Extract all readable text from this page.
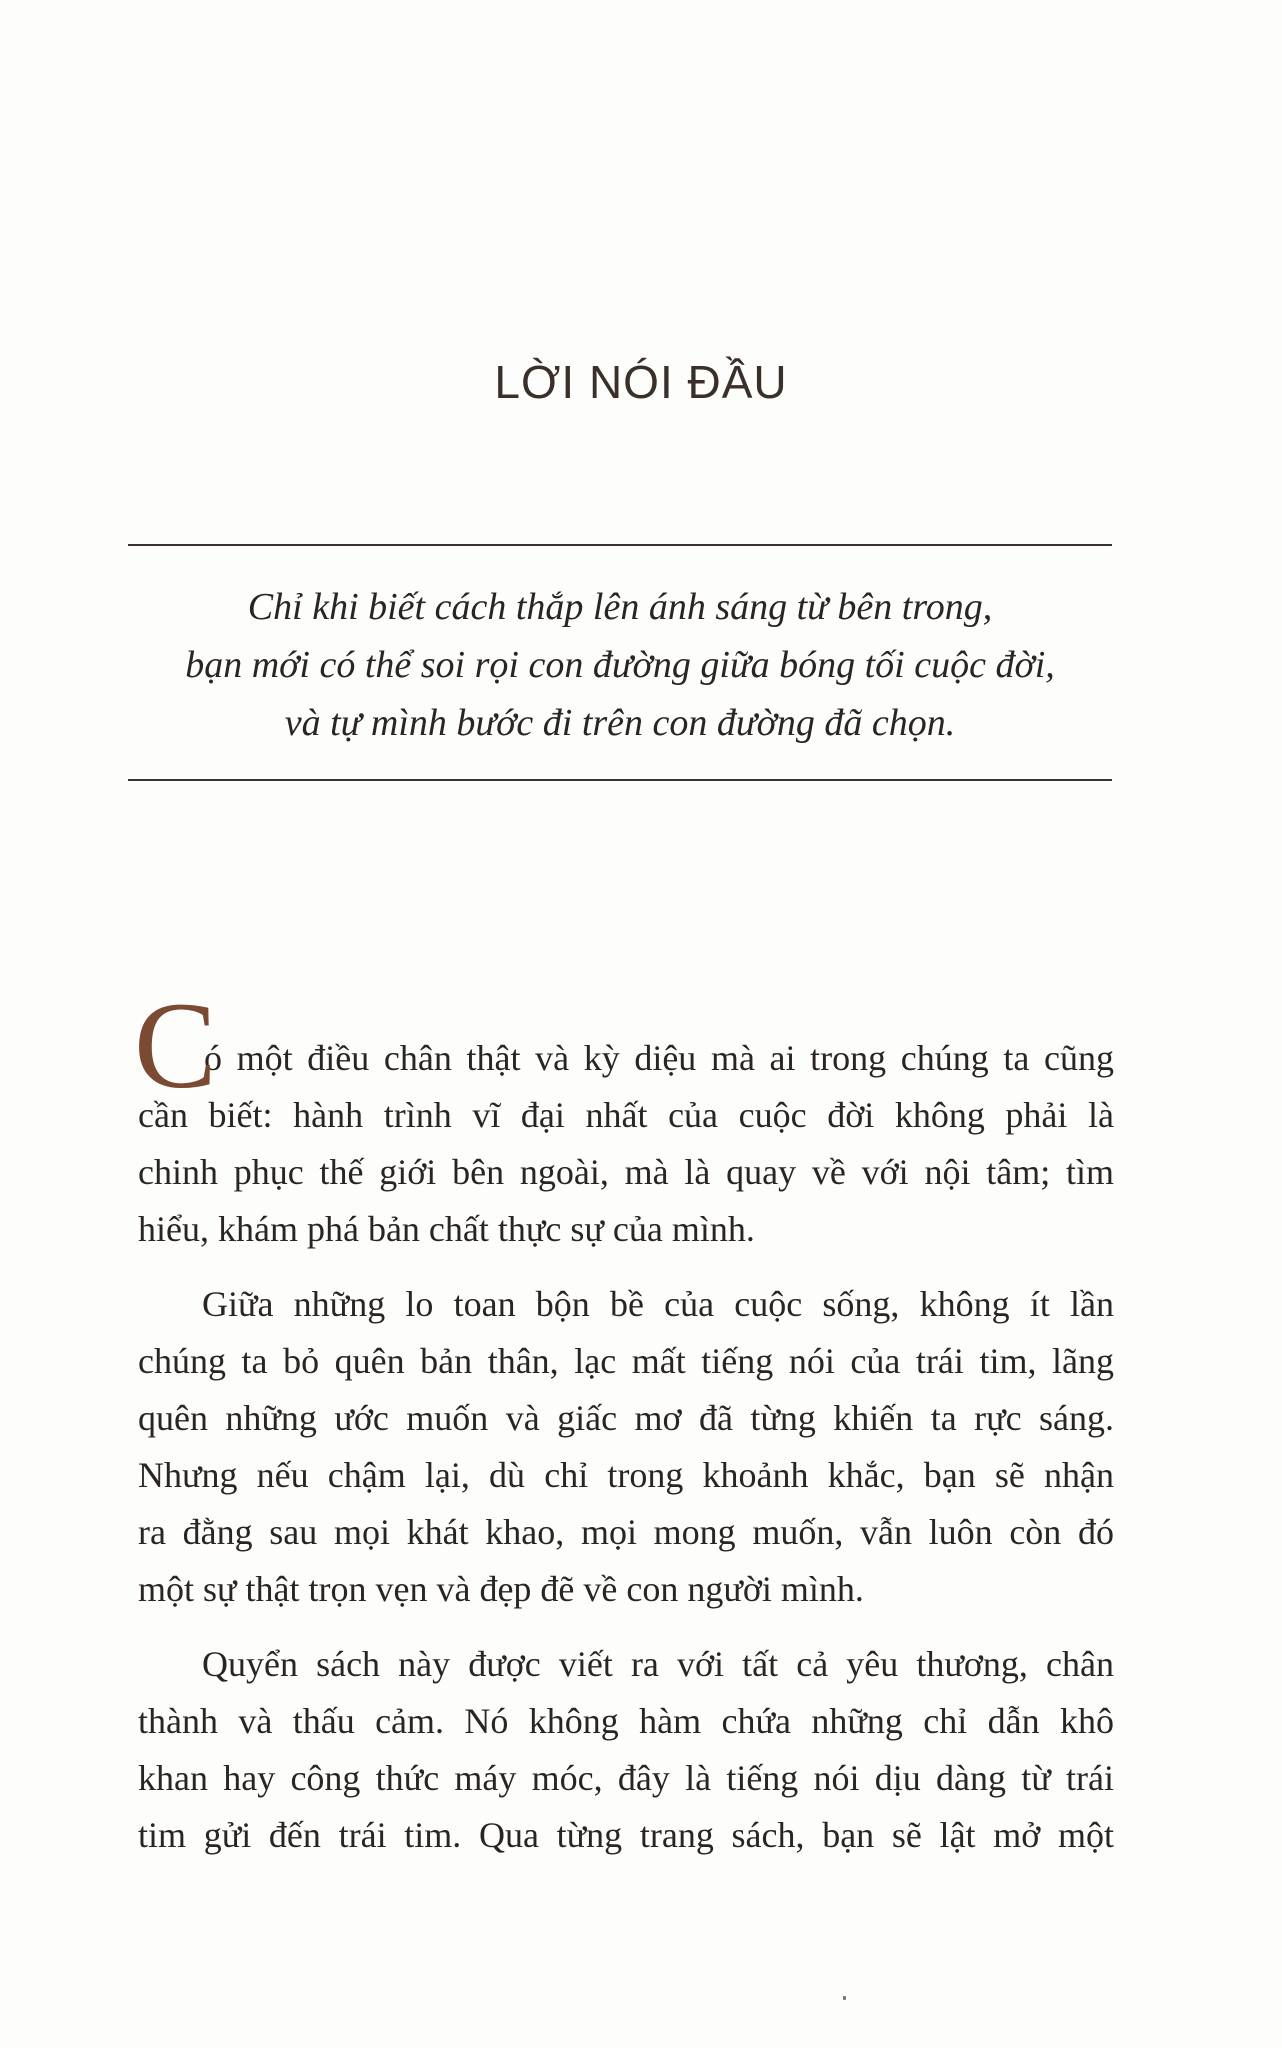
LỜI NÓI ĐẦU
Chỉ khi biết cách thắp lên ánh sáng từ bên trong,
bạn mới có thể soi rọi con đường giữa bóng tối cuộc đời,
và tự mình bước đi trên con đường đã chọn.
C
ó một điều chân thật và kỳ diệu mà ai trong chúng ta cũng
cần biết: hành trình vĩ đại nhất của cuộc đời không phải là
chinh phục thế giới bên ngoài, mà là quay về với nội tâm; tìm
hiểu, khám phá bản chất thực sự của mình.
Giữa những lo toan bộn bề của cuộc sống, không ít lần
chúng ta bỏ quên bản thân, lạc mất tiếng nói của trái tim, lãng
quên những ước muốn và giấc mơ đã từng khiến ta rực sáng.
Nhưng nếu chậm lại, dù chỉ trong khoảnh khắc, bạn sẽ nhận
ra đằng sau mọi khát khao, mọi mong muốn, vẫn luôn còn đó
một sự thật trọn vẹn và đẹp đẽ về con người mình.
Quyển sách này được viết ra với tất cả yêu thương, chân
thành và thấu cảm. Nó không hàm chứa những chỉ dẫn khô
khan hay công thức máy móc, đây là tiếng nói dịu dàng từ trái
tim gửi đến trái tim. Qua từng trang sách, bạn sẽ lật mở một
